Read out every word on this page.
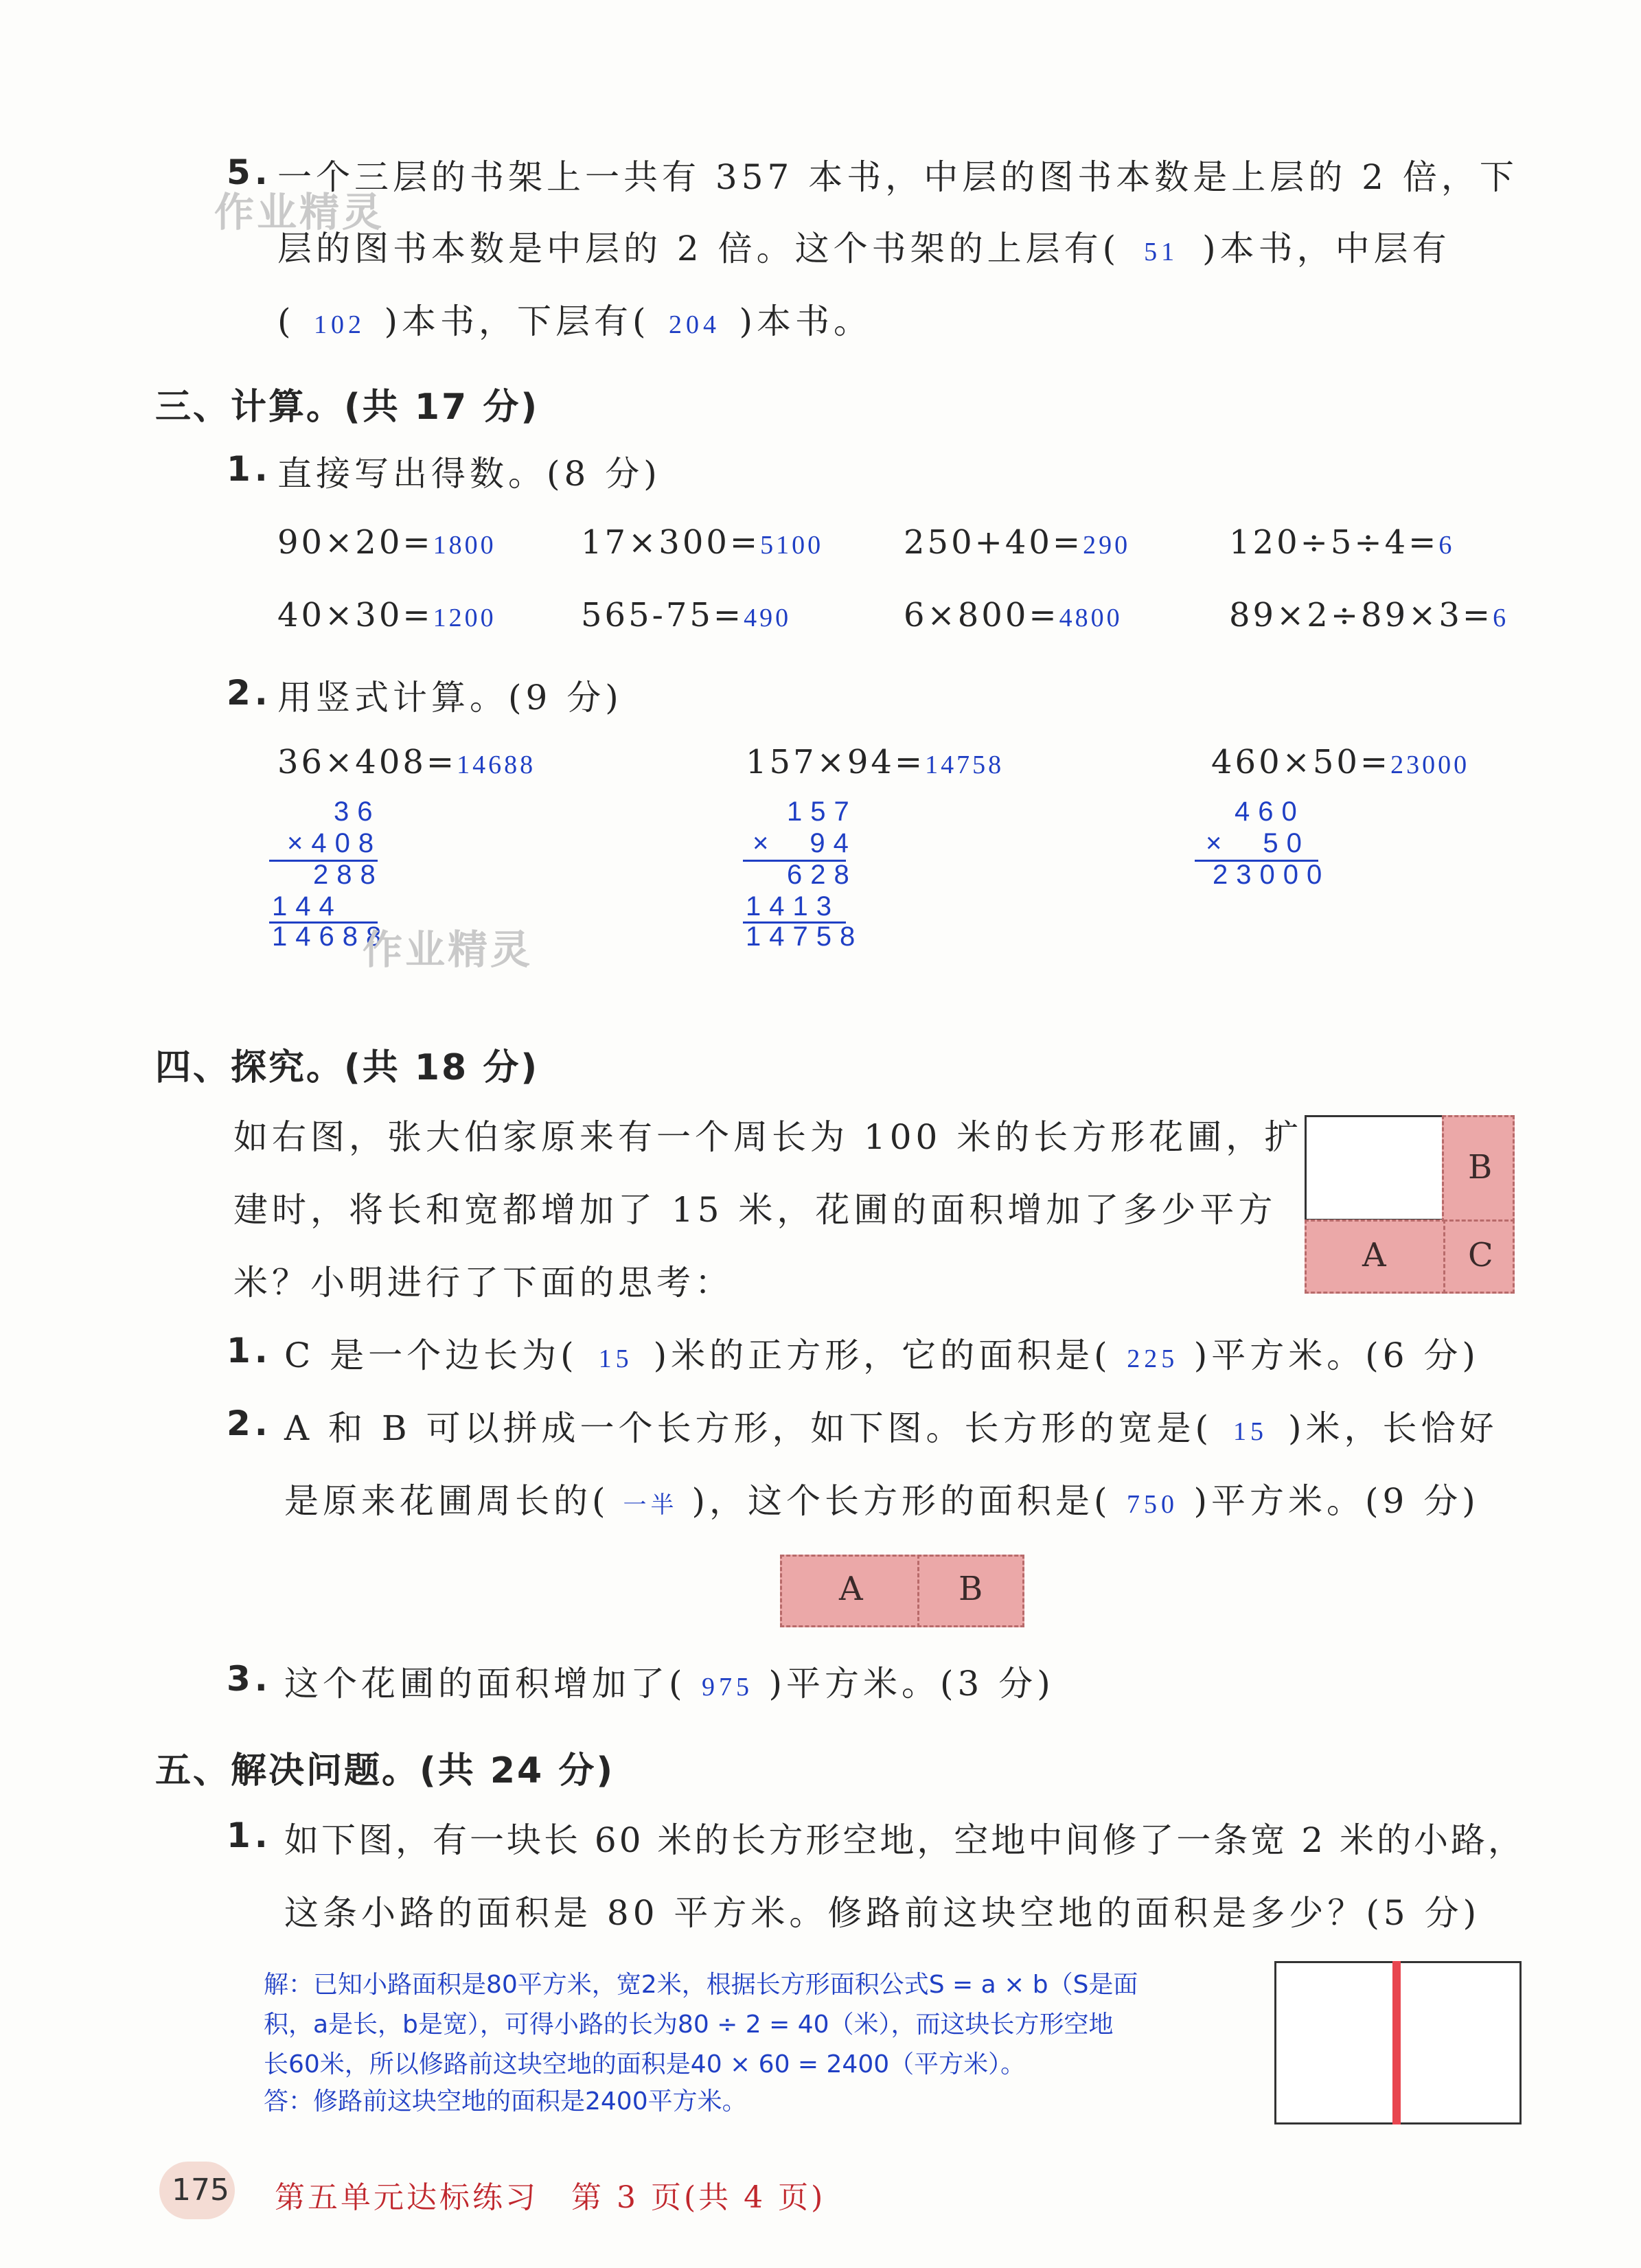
作业精灵
5. 一个三层的书架上一共有 357 本书，中层的图书本数是上层的 2 倍，下
层的图书本数是中层的 2 倍。这个书架的上层有( 51 )本书，中层有
( 102 )本书，下层有( 204 )本书。
三、计算。(共 17 分)
1. 直接写出得数。(8 分)
90×20=1800	17×300=5100 250+40=290	120÷5÷4=6
40×30=1200	565-75=490	6×800=4800	89×2÷89×3=6
2. 用竖式计算。(9 分)
36×408=14688
36
×408
288
144
14688
作业精灵
157×94=14758
157
× 94
628
1413
14758
460×50=23000
460
× 50
23000
四、探究。(共 18 分)
如右图，张大伯家原来有一个周长为 100 米的长方形花圃，扩
建时，将长和宽都增加了 15 米，花圃的面积增加了多少平方
米？小明进行了下面的思考：
B
A C
1. C 是一个边长为( 15 )米的正方形，它的面积是( 225 )平方米。(6 分)
2. A 和 B 可以拼成一个长方形，如下图。长方形的宽是( 15 )米，长恰好
是原来花圃周长的( 一半 )，这个长方形的面积是( 750 )平方米。(9 分)
A	B
3. 这个花圃的面积增加了( 975 )平方米。(3 分)
五、解决问题。(共 24 分)
1. 如下图，有一块长 60 米的长方形空地，空地中间修了一条宽 2 米的小路，
这条小路的面积是 80 平方米。修路前这块空地的面积是多少？(5 分)
解：已知小路面积是80平方米，宽2米，根据长方形面积公式S = a × b（S是面
积，a是长，b是宽），可得小路的长为80 ÷ 2 = 40（米），而这块长方形空地
长60米，所以修路前这块空地的面积是40 × 60 = 2400（平方米）。
答：修路前这块空地的面积是2400平方米。
175 第五单元达标练习　第 3 页(共 4 页)
